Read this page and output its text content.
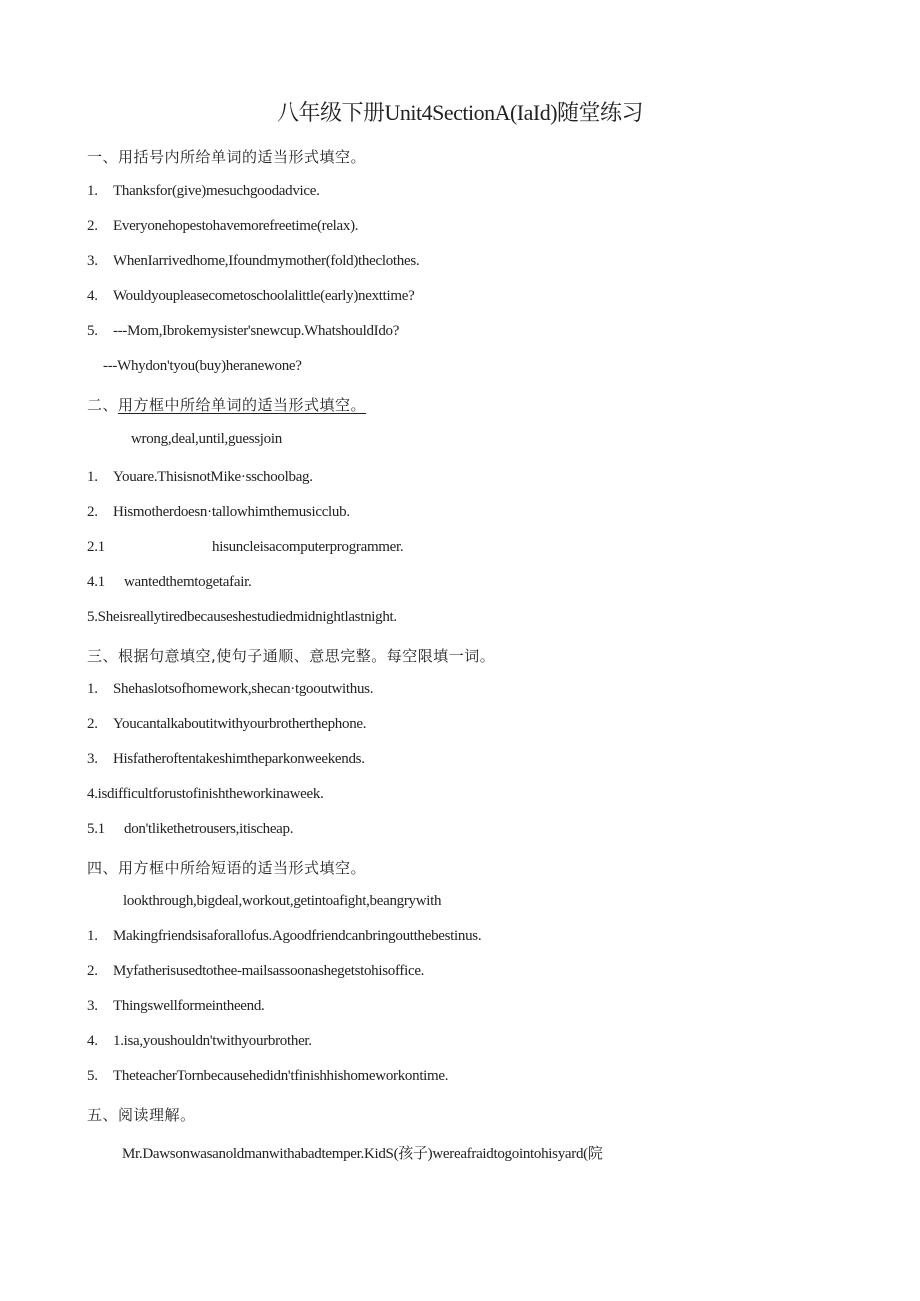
八年级下册Unit4SectionA(IaId)随堂练习
一、用括号内所给单词的适当形式填空。
1. Thanksfor(give)mesuchgoodadvice.
2. Everyonehopestohavemorefreetime(relax).
3. WhenIarrivedhome,Ifoundmymother(fold)theclothes.
4. Wouldyoupleasecometoschoolalittle(early)nexttime?
5. ---Mom,Ibrokemysister'snewcup.WhatshouldIdo?
---Whydon'tyou(buy)heranewone?
二、用方框中所给单词的适当形式填空。
wrong,deal,until,guessjoin
1. Youare.ThisisnotMike·sschoolbag.
2. Hismotherdoesn·tallowhimthemusicclub.
2.1	hisuncleisacomputerprogrammer.
4.1 wantedthemtogetafair.
5.Sheisreallytiredbecauseshestudiedmidnightlastnight.
三、根据句意填空,使句子通顺、意思完整。每空限填一词。
1. Shehaslotsofhomework,shecan·tgooutwithus.
2. Youcantalkaboutitwithyourbrotherthephone.
3. Hisfatheroftentakeshimtheparkonweekends.
4.isdifficultforustofinishtheworkinaweek.
5.1 don'tlikethetrousers,itischeap.
四、用方框中所给短语的适当形式填空。
lookthrough,bigdeal,workout,getintoafight,beangrywith
1. Makingfriendsisaforallofus.Agoodfriendcanbringoutthebestinus.
2. Myfatherisusedtothee-mailsassoonashegetstohisoffice.
3. Thingswellformeintheend.
4. 1.isa,youshouldn'twithyourbrother.
5. TheteacherTornbecausehedidn'tfinishhishomeworkontime.
五、阅读理解。
Mr.Dawsonwasanoldmanwithabadtemper.KidS(孩子)wereafraidtogointohisyard(院
